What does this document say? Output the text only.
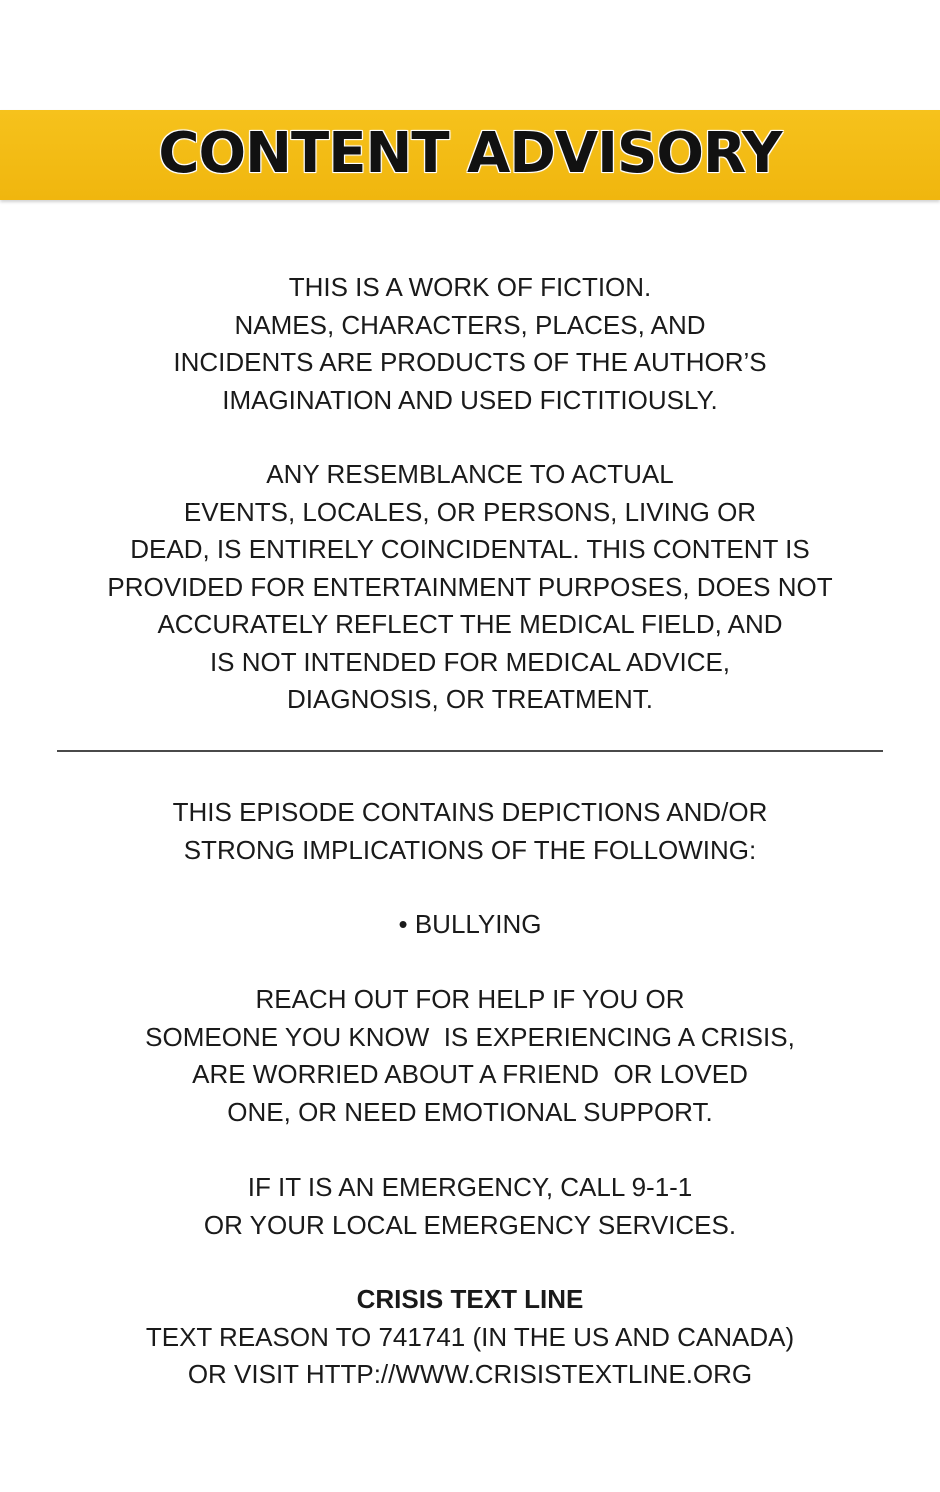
CONTENT ADVISORY
THIS IS A WORK OF FICTION.
NAMES, CHARACTERS, PLACES, AND
INCIDENTS ARE PRODUCTS OF THE AUTHOR’S
IMAGINATION AND USED FICTITIOUSLY.
ANY RESEMBLANCE TO ACTUAL
EVENTS, LOCALES, OR PERSONS, LIVING OR
DEAD, IS ENTIRELY COINCIDENTAL. THIS CONTENT IS
PROVIDED FOR ENTERTAINMENT PURPOSES, DOES NOT
ACCURATELY REFLECT THE MEDICAL FIELD, AND
IS NOT INTENDED FOR MEDICAL ADVICE,
DIAGNOSIS, OR TREATMENT.
THIS EPISODE CONTAINS DEPICTIONS AND/OR
STRONG IMPLICATIONS OF THE FOLLOWING:
• BULLYING
REACH OUT FOR HELP IF YOU OR
SOMEONE YOU KNOW  IS EXPERIENCING A CRISIS,
ARE WORRIED ABOUT A FRIEND  OR LOVED
ONE, OR NEED EMOTIONAL SUPPORT.
IF IT IS AN EMERGENCY, CALL 9-1-1
OR YOUR LOCAL EMERGENCY SERVICES.
CRISIS TEXT LINE
TEXT REASON TO 741741 (IN THE US AND CANADA)
OR VISIT HTTP://WWW.CRISISTEXTLINE.ORG
